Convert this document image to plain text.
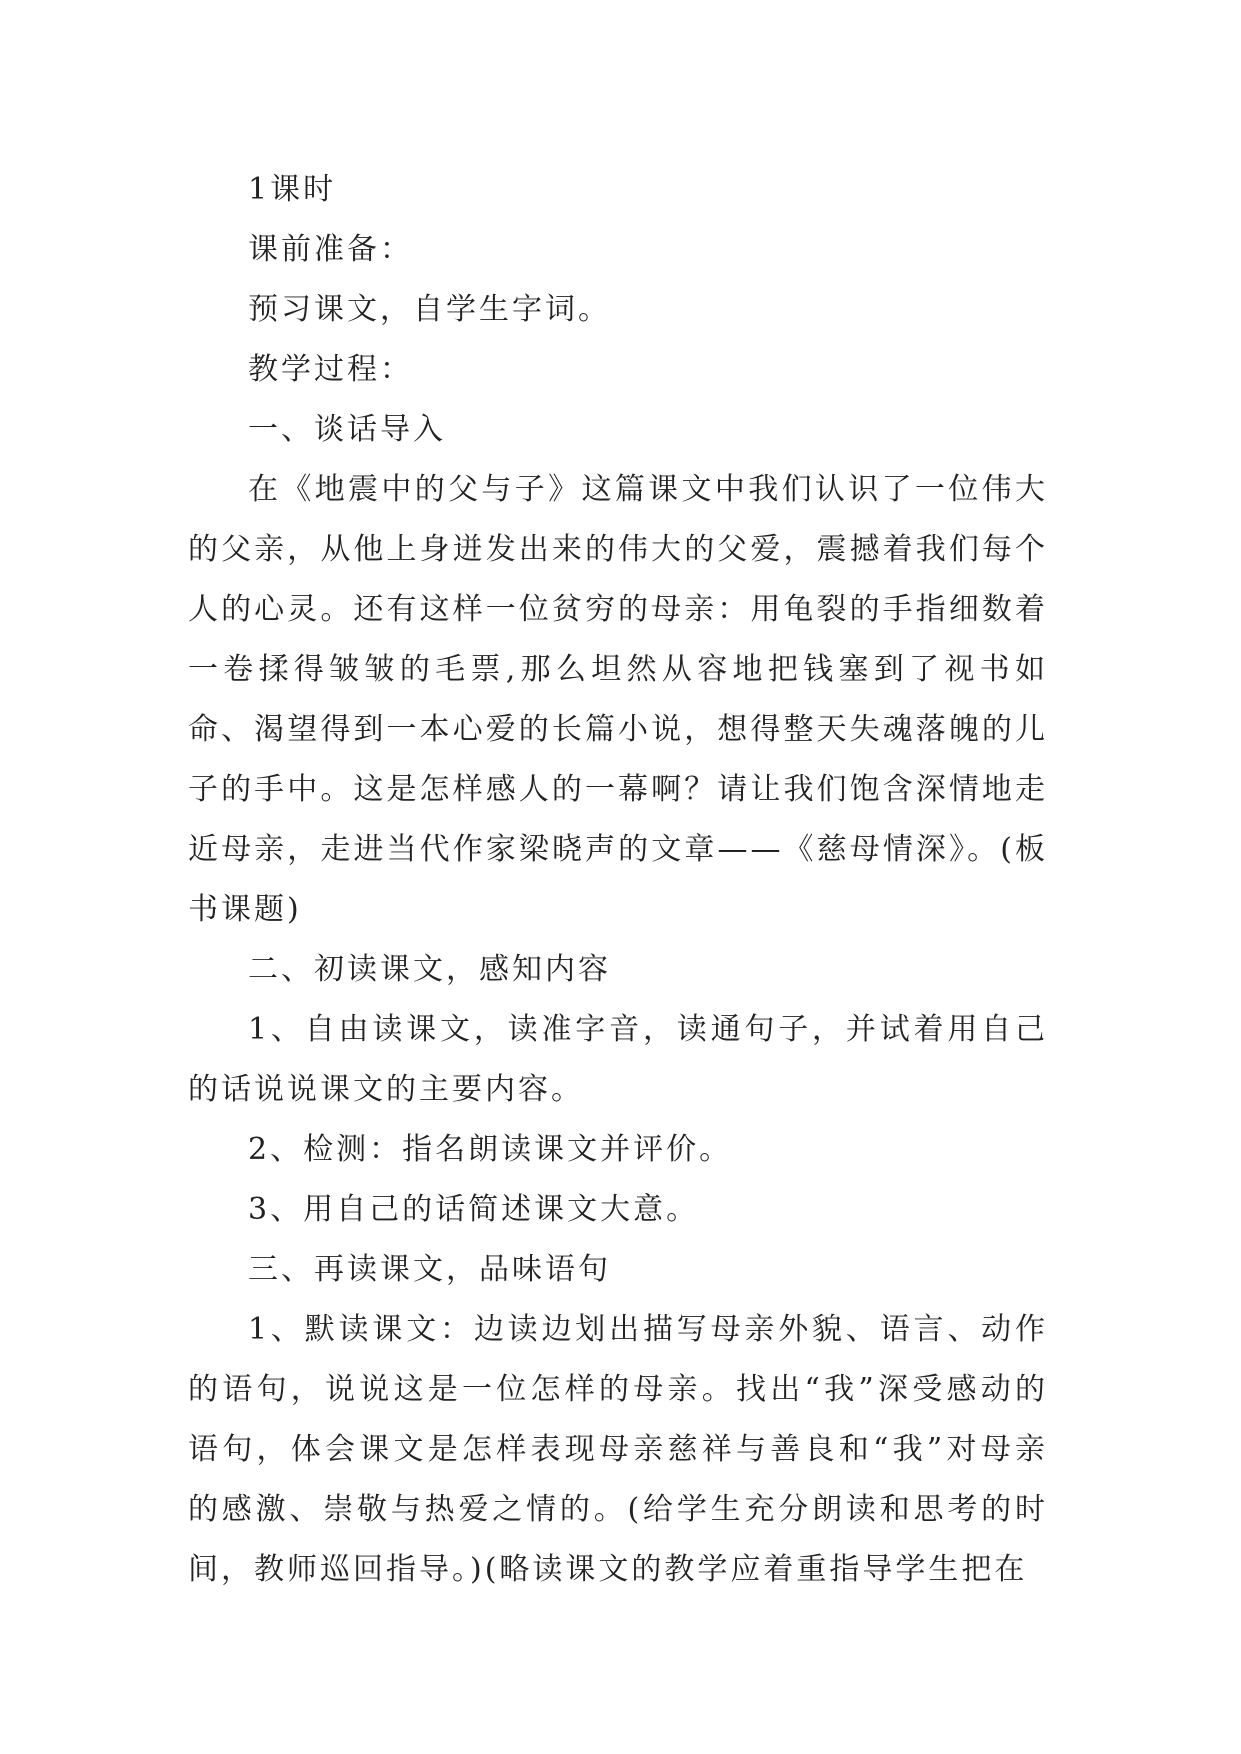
1课时

课前准备：

预习课文，自学生字词。

教学过程：

一、谈话导入

在《地震中的父与子》这篇课文中我们认识了一位伟大的父亲，从他上身迸发出来的伟大的父爱，震撼着我们每个人的心灵。还有这样一位贫穷的母亲：用龟裂的手指细数着一卷揉得皱皱的毛票,那么坦然从容地把钱塞到了视书如命、渴望得到一本心爱的长篇小说，想得整天失魂落魄的儿子的手中。这是怎样感人的一幕啊？请让我们饱含深情地走近母亲，走进当代作家梁晓声的文章——《慈母情深》。(板书课题)

二、初读课文，感知内容

1、自由读课文，读准字音，读通句子，并试着用自己的话说说课文的主要内容。

2、检测：指名朗读课文并评价。

3、用自己的话简述课文大意。

三、再读课文，品味语句

1、默读课文：边读边划出描写母亲外貌、语言、动作的语句，说说这是一位怎样的母亲。找出“我”深受感动的语句，体会课文是怎样表现母亲慈祥与善良和“我”对母亲的感激、崇敬与热爱之情的。(给学生充分朗读和思考的时间，教师巡回指导。)(略读课文的教学应着重指导学生把在
